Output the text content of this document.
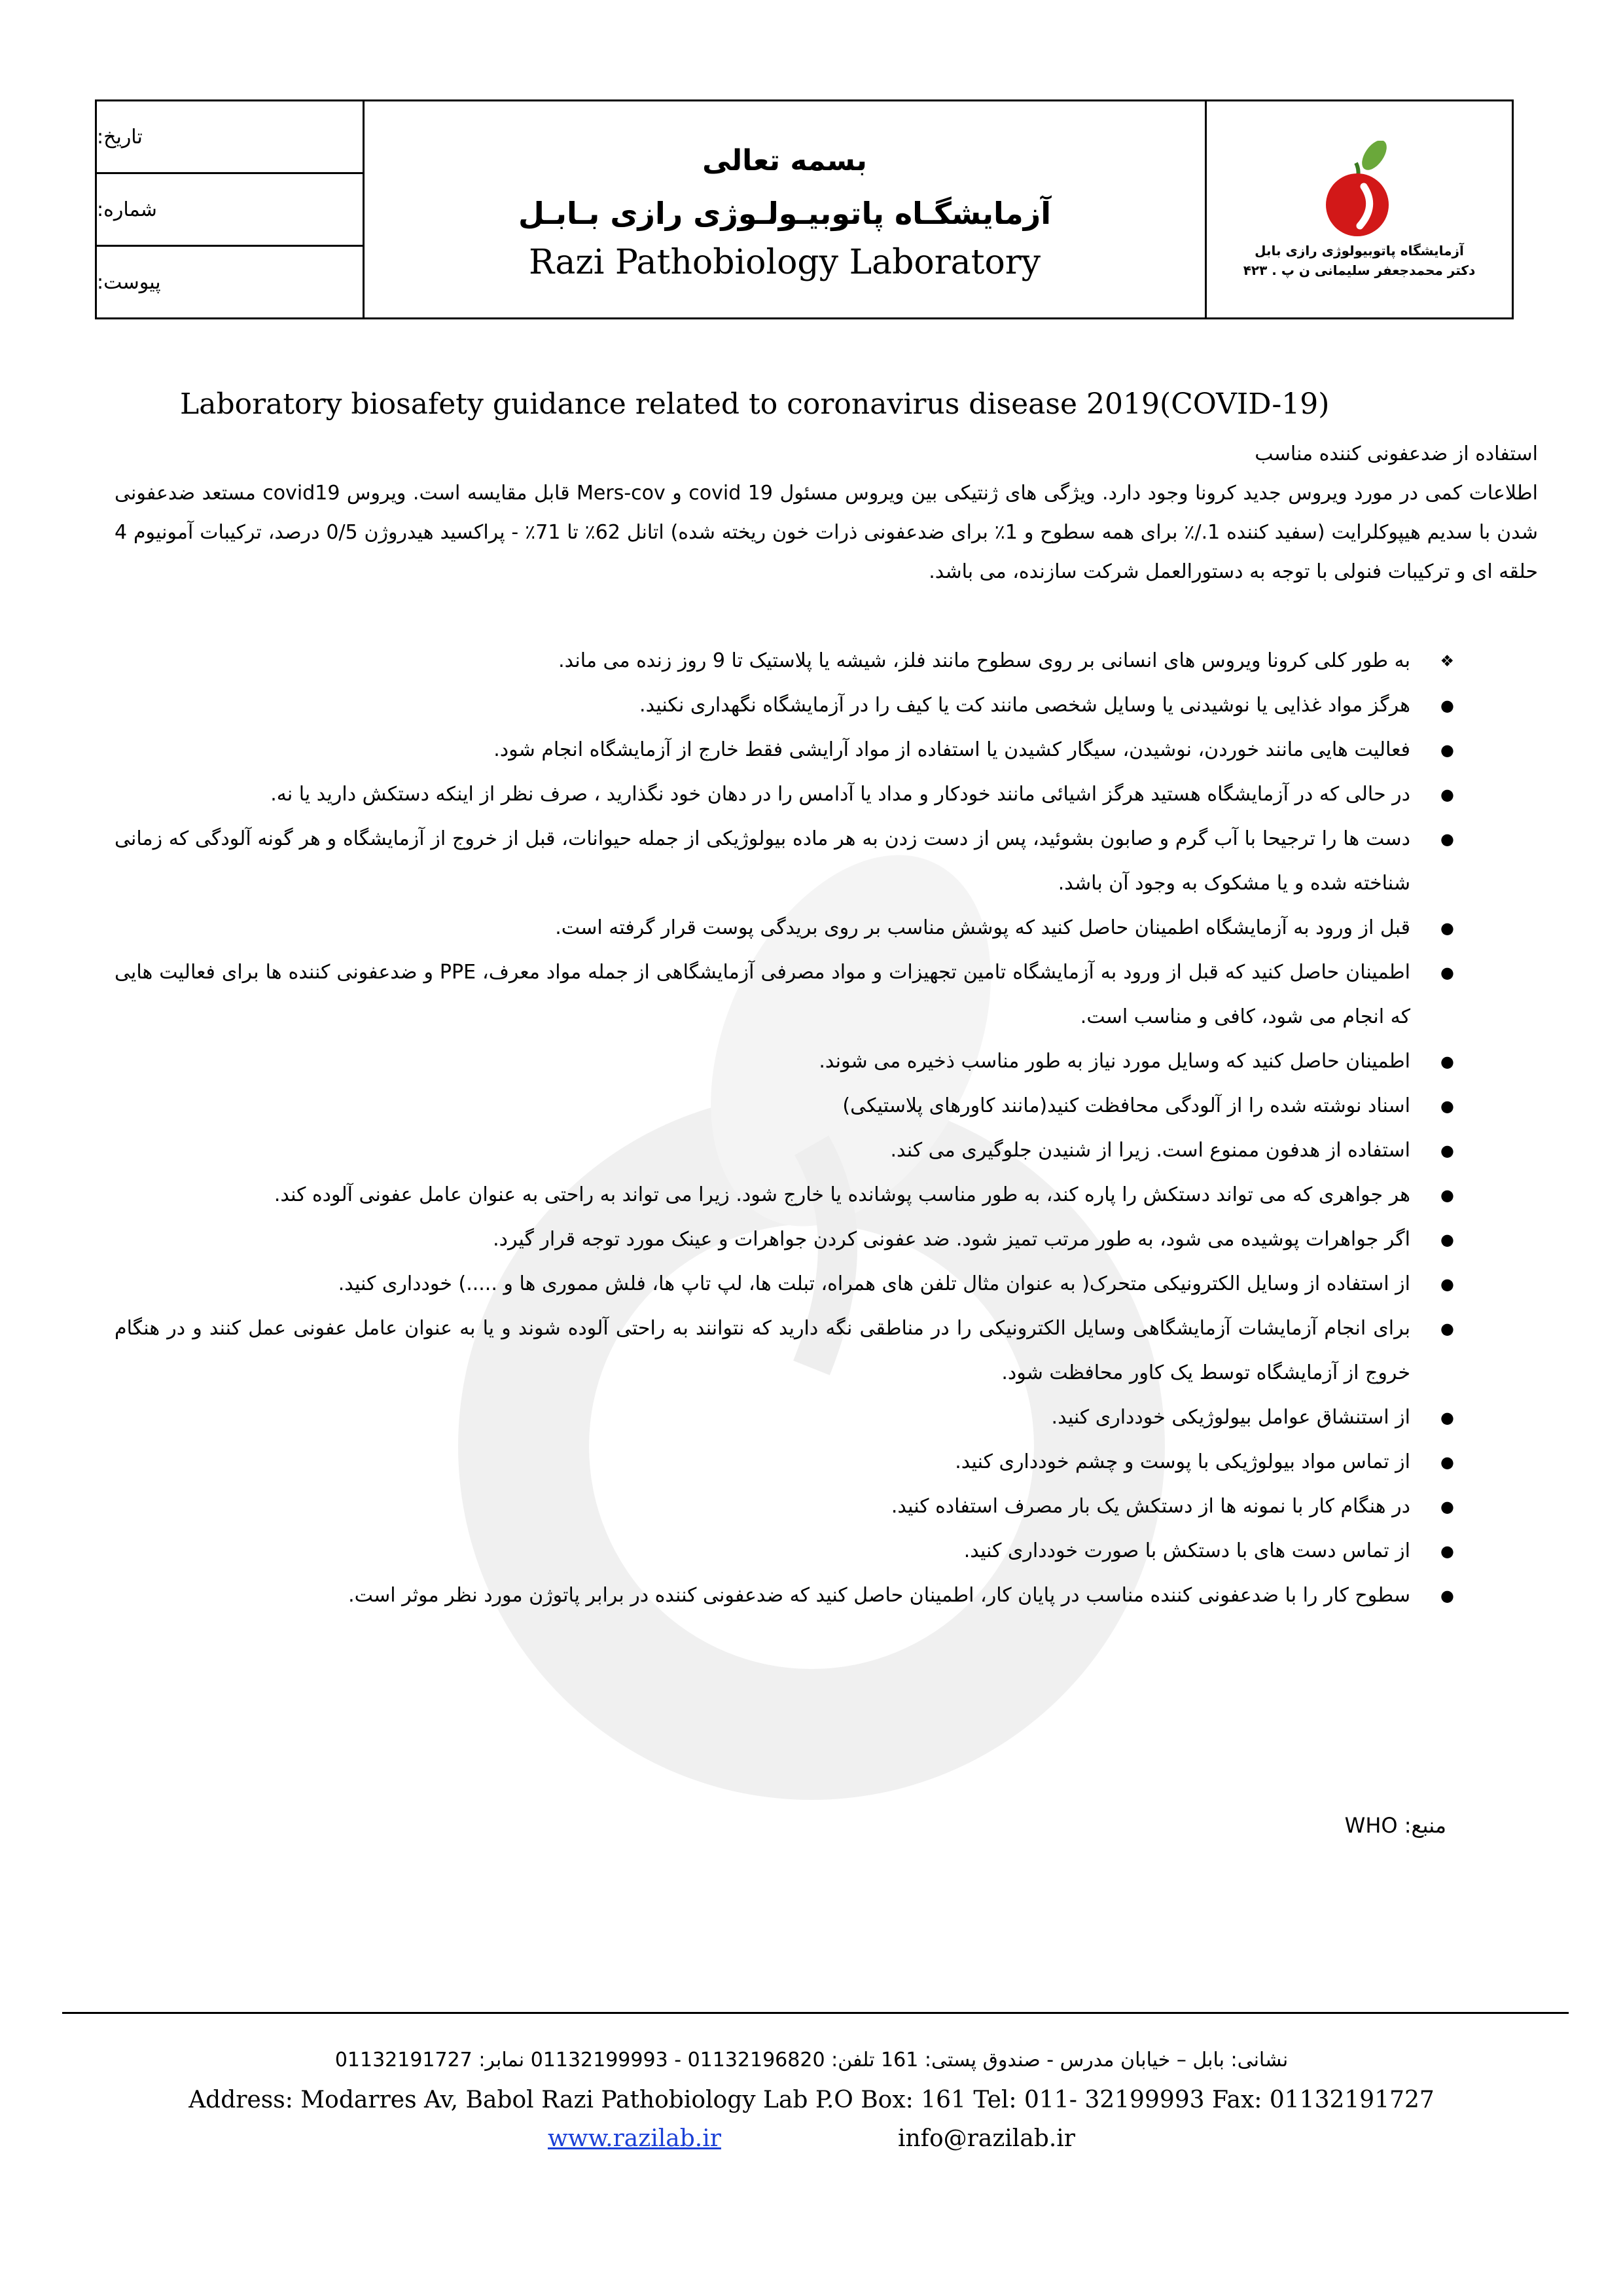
تاریخ:
شماره:
پیوست:
بسمه تعالی
آزمایشگـاه پاتوبیـولـوژی رازی بـابـل
Razi Pathobiology Laboratory	آزمایشگاه پاتوبیولوژی رازی بابل
دکتر محمدجعفر سلیمانی ن پ . ۴۲۳
Laboratory biosafety guidance related to coronavirus disease 2019(COVID-19)

استفاده از ضدعفونی کننده مناسب

اطلاعات کمی در مورد ویروس جدید کرونا وجود دارد. ویژگی های ژنتیکی بین ویروس مسئول covid 19 و Mers-cov قابل مقایسه است. ویروس covid19 مستعد ضدعفونی شدن با سدیم هیپوکلرایت (سفید کننده 1./٪ برای همه سطوح و 1٪ برای ضدعفونی ذرات خون ریخته شده) اتانل 62٪ تا 71٪ - پراکسید هیدروژن 0/5 درصد، ترکیبات آمونیوم 4 حلقه ای و ترکیبات فنولی با توجه به دستورالعمل شرکت سازنده، می باشد.

❖
به طور کلی کرونا ویروس های انسانی بر روی سطوح مانند فلز، شیشه یا پلاستیک تا 9 روز زنده می ماند.
●
هرگز مواد غذایی یا نوشیدنی یا وسایل شخصی مانند کت یا کیف را در آزمایشگاه نگهداری نکنید.
●
فعالیت هایی مانند خوردن، نوشیدن، سیگار کشیدن یا استفاده از مواد آرایشی فقط خارج از آزمایشگاه انجام شود.
●
در حالی که در آزمایشگاه هستید هرگز اشیائی مانند خودکار و مداد یا آدامس را در دهان خود نگذارید ، صرف نظر از اینکه دستکش دارید یا نه.
●
دست ها را ترجیحا با آب گرم و صابون بشوئید، پس از دست زدن به هر ماده بیولوژیکی از جمله حیوانات، قبل از خروج از آزمایشگاه و هر گونه آلودگی که زمانی شناخته شده و یا مشکوک به وجود آن باشد.
●
قبل از ورود به آزمایشگاه اطمینان حاصل کنید که پوشش مناسب بر روی بریدگی پوست قرار گرفته است.
●
اطمینان حاصل کنید که قبل از ورود به آزمایشگاه تامین تجهیزات و مواد مصرفی آزمایشگاهی از جمله مواد معرف، PPE و ضدعفونی کننده ها برای فعالیت هایی که انجام می شود، کافی و مناسب است.
●
اطمینان حاصل کنید که وسایل مورد نیاز به طور مناسب ذخیره می شوند.
●
اسناد نوشته شده را از آلودگی محافظت کنید(مانند کاورهای پلاستیکی)
●
استفاده از هدفون ممنوع است. زیرا از شنیدن جلوگیری می کند.
●
هر جواهری که می تواند دستکش را پاره کند، به طور مناسب پوشانده یا خارج شود. زیرا می تواند به راحتی به عنوان عامل عفونی آلوده کند.
●
اگر جواهرات پوشیده می شود، به طور مرتب تمیز شود. ضد عفونی کردن جواهرات و عینک مورد توجه قرار گیرد.
●
از استفاده از وسایل الکترونیکی متحرک( به عنوان مثال تلفن های همراه، تبلت ها، لپ تاپ ها، فلش مموری ها و .....) خودداری کنید.
●
برای انجام آزمایشات آزمایشگاهی وسایل الکترونیکی را در مناطقی نگه دارید که نتوانند به راحتی آلوده شوند و یا به عنوان عامل عفونی عمل کنند و در هنگام خروج از آزمایشگاه توسط یک کاور محافظت شود.
●
از استنشاق عوامل بیولوژیکی خودداری کنید.
●
از تماس مواد بیولوژیکی با پوست و چشم خودداری کنید.
●
در هنگام کار با نمونه ها از دستکش یک بار مصرف استفاده کنید.
●
از تماس دست های با دستکش با صورت خودداری کنید.
●
سطوح کار را با ضدعفونی کننده مناسب در پایان کار، اطمینان حاصل کنید که ضدعفونی کننده در برابر پاتوژن مورد نظر موثر است.
منبع: WHO
نشانی: بابل – خیابان مدرس - صندوق پستی: 161 تلفن: 01132196820 - 01132199993 نمابر: 01132191727
Address: Modarres Av, Babol Razi Pathobiology Lab P.O Box: 161 Tel: 011- 32199993 Fax: 01132191727
www.razilab.ir	info@razilab.ir
